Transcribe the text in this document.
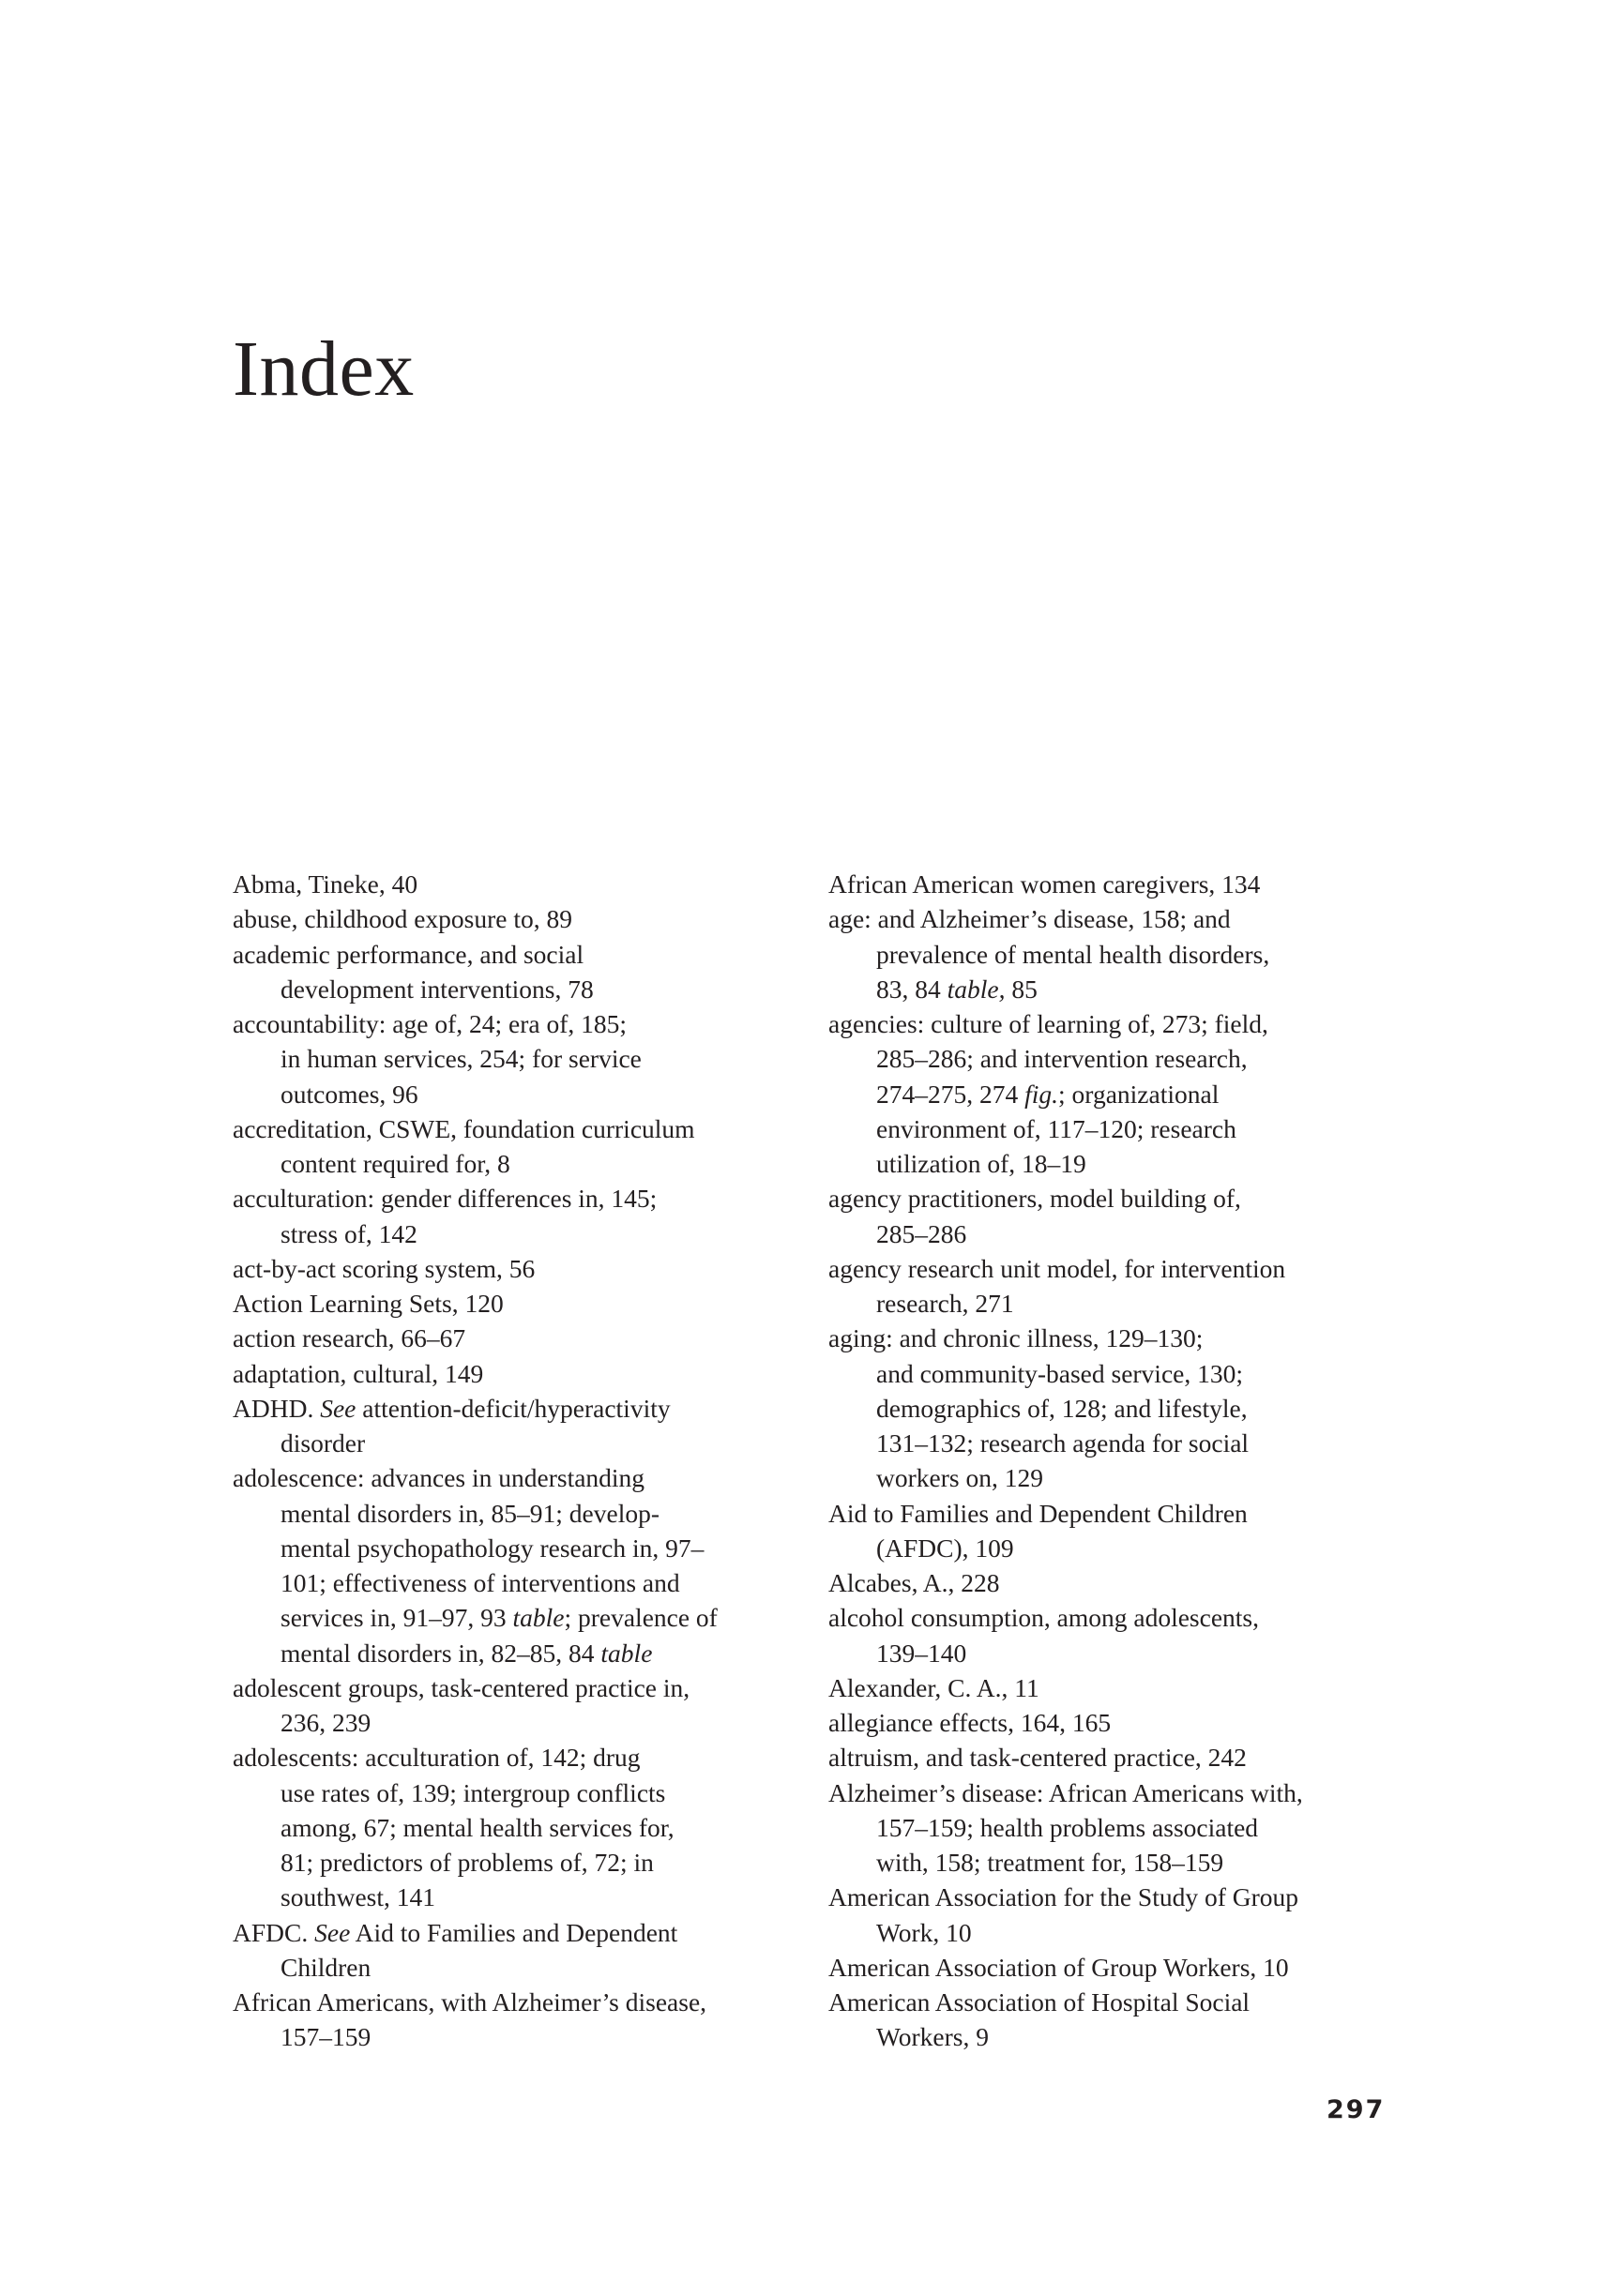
Index
Abma, Tineke, 40
abuse, childhood exposure to, 89
academic performance, and social
development interventions, 78
accountability: age of, 24; era of, 185;
in human services, 254; for service
outcomes, 96
accreditation, CSWE, foundation curriculum
content required for, 8
acculturation: gender differences in, 145;
stress of, 142
act-by-act scoring system, 56
Action Learning Sets, 120
action research, 66–67
adaptation, cultural, 149
ADHD. See attention-deficit/hyperactivity
disorder
adolescence: advances in understanding
mental disorders in, 85–91; develop-
mental psychopathology research in, 97–
101; effectiveness of interventions and
services in, 91–97, 93 table; prevalence of
mental disorders in, 82–85, 84 table
adolescent groups, task-centered practice in,
236, 239
adolescents: acculturation of, 142; drug
use rates of, 139; intergroup conflicts
among, 67; mental health services for,
81; predictors of problems of, 72; in
southwest, 141
AFDC. See Aid to Families and Dependent
Children
African Americans, with Alzheimer’s disease,
157–159
African American women caregivers, 134
age: and Alzheimer’s disease, 158; and
prevalence of mental health disorders,
83, 84 table, 85
agencies: culture of learning of, 273; field,
285–286; and intervention research,
274–275, 274 fig.; organizational
environment of, 117–120; research
utilization of, 18–19
agency practitioners, model building of,
285–286
agency research unit model, for intervention
research, 271
aging: and chronic illness, 129–130;
and community-based service, 130;
demographics of, 128; and lifestyle,
131–132; research agenda for social
workers on, 129
Aid to Families and Dependent Children
(AFDC), 109
Alcabes, A., 228
alcohol consumption, among adolescents,
139–140
Alexander, C. A., 11
allegiance effects, 164, 165
altruism, and task-centered practice, 242
Alzheimer’s disease: African Americans with,
157–159; health problems associated
with, 158; treatment for, 158–159
American Association for the Study of Group
Work, 10
American Association of Group Workers, 10
American Association of Hospital Social
Workers, 9
297
